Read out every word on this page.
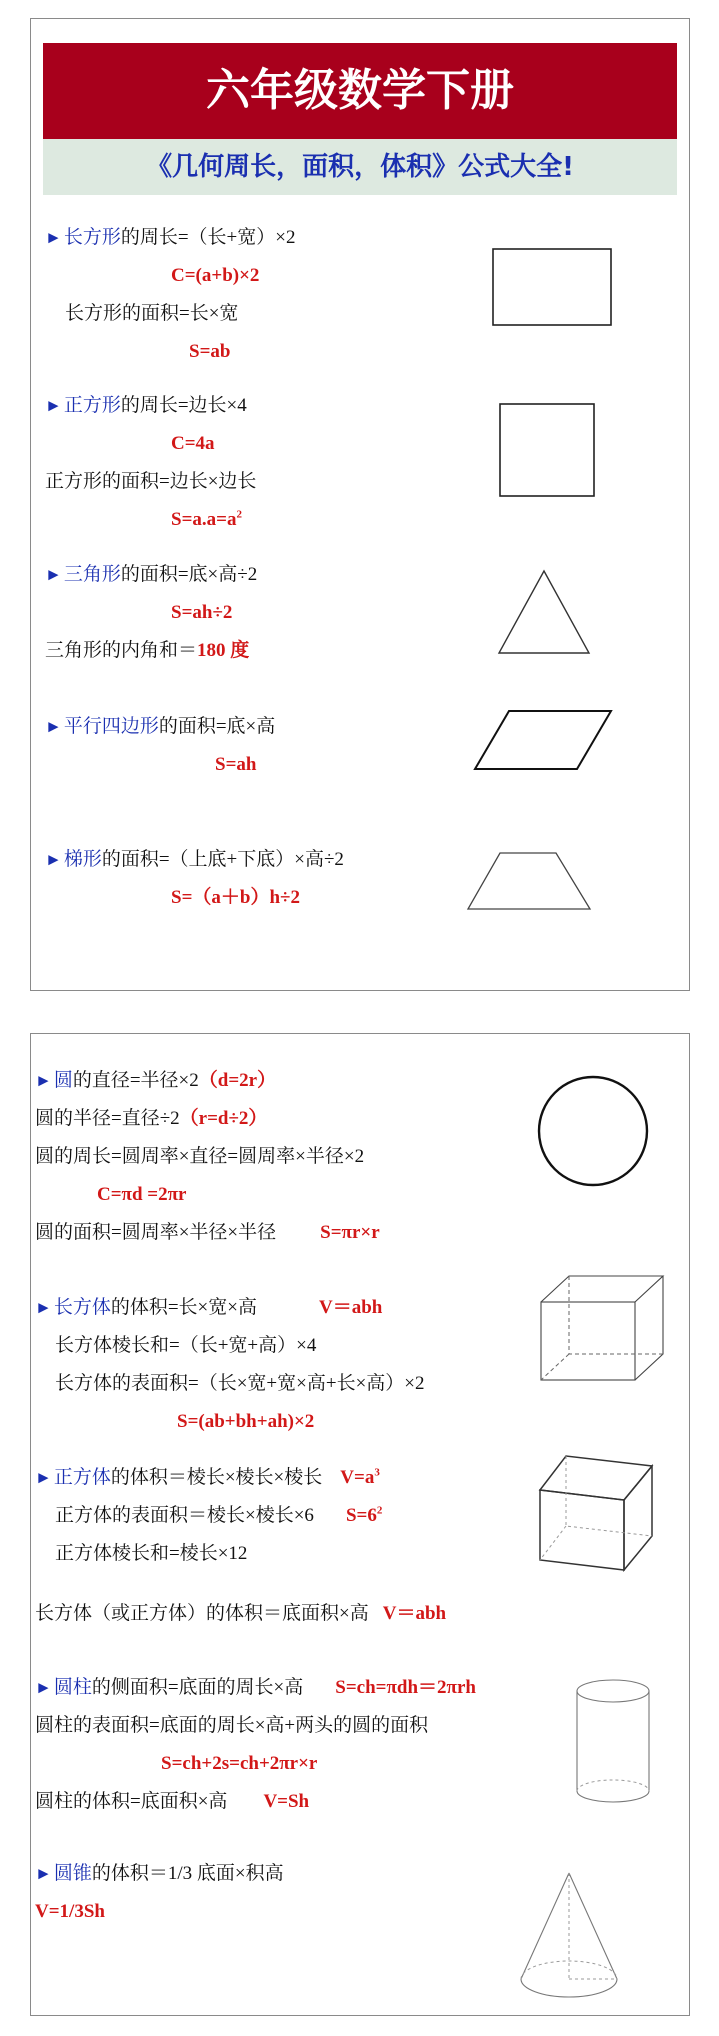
六年级数学下册
《几何周长，面积，体积》公式大全!
► 长方形的周长=（长+宽）×2
C=(a+b)×2
长方形的面积=长×宽
S=ab
► 正方形的周长=边长×4
C=4a
正方形的面积=边长×边长
$S=a.a=a^2$
► 三角形的面积=底×高÷2
S=ah÷2
三角形的内角和＝180 度
► 平行四边形的面积=底×高
S=ah
► 梯形的面积=（上底+下底）×高÷2
S=（a＋b）h÷2
► 圆的直径=半径×2（d=2r）
圆的半径=直径÷2（r=d÷2）
圆的周长=圆周率×直径=圆周率×半径×2
C=πd =2πr
圆的面积=圆周率×半径×半径 S=πr×r
► 长方体的体积=长×宽×高	V＝abh
长方体棱长和=（长+宽+高）×4
长方体的表面积=（长×宽+宽×高+长×高）×2
S=(ab+bh+ah)×2
► 正方体的体积＝棱长×棱长×棱长 $V=a^3$
正方体的表面积＝棱长×棱长×6 $S=6^2$
正方体棱长和=棱长×12
长方体（或正方体）的体积＝底面积×高 V＝abh
► 圆柱的侧面积=底面的周长×高 S=ch=πdh＝2πrh
圆柱的表面积=底面的周长×高+两头的圆的面积
S=ch+2s=ch+2πr×r
圆柱的体积=底面积×高 V=Sh
► 圆锥的体积＝1/3 底面×积高
V=1/3Sh
